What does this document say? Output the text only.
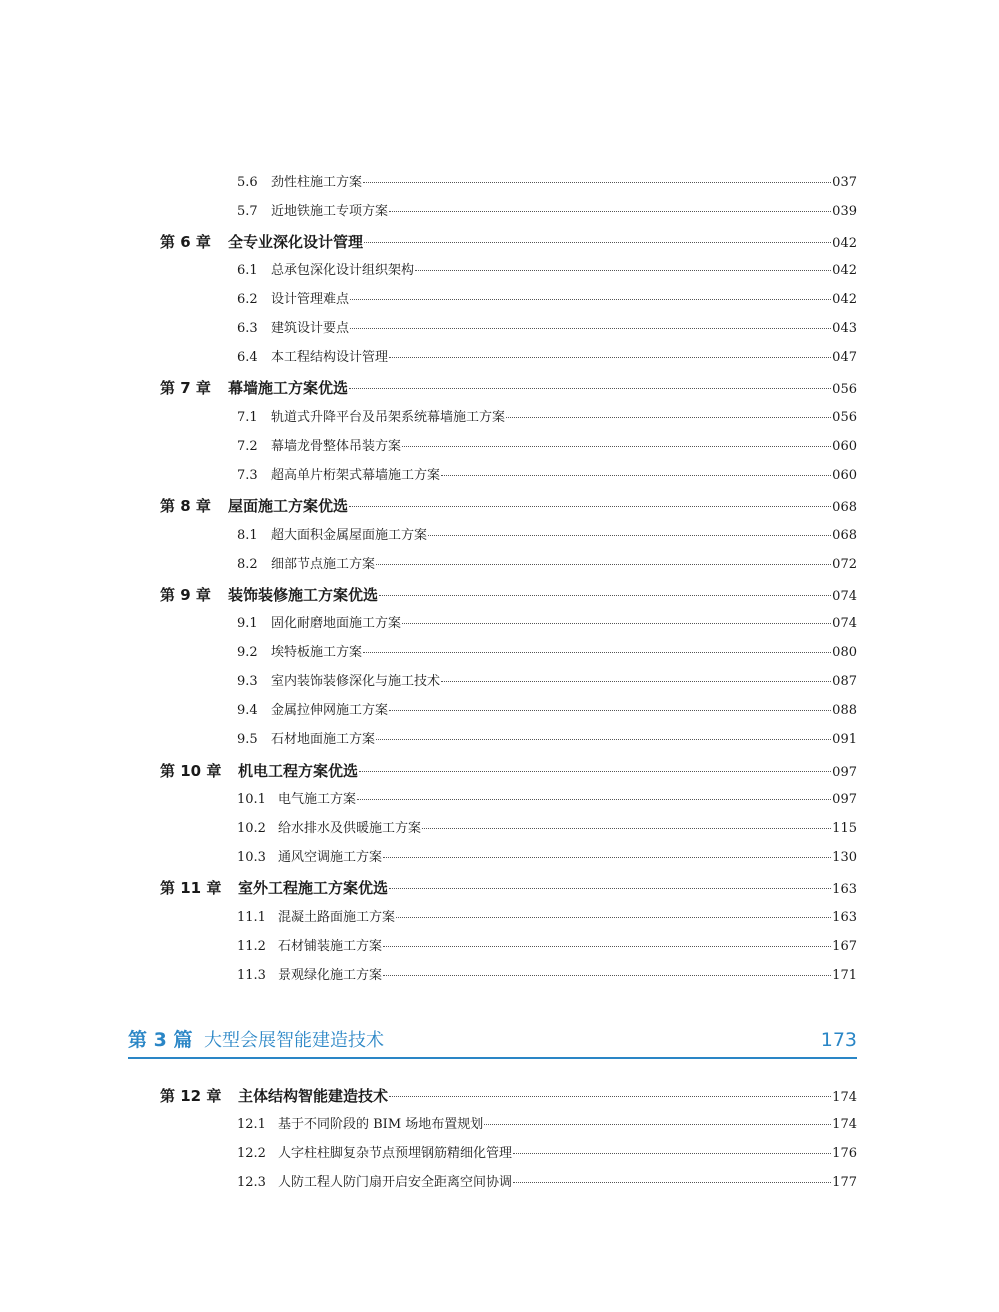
5.6	劲性柱施工方案	037
5.7	近地铁施工专项方案	039
第 6 章	全专业深化设计管理	042
6.1	总承包深化设计组织架构	042
6.2	设计管理难点	042
6.3	建筑设计要点	043
6.4	本工程结构设计管理	047
第 7 章	幕墙施工方案优选	056
7.1	轨道式升降平台及吊架系统幕墙施工方案	056
7.2	幕墙龙骨整体吊装方案	060
7.3	超高单片桁架式幕墙施工方案	060
第 8 章	屋面施工方案优选	068
8.1	超大面积金属屋面施工方案	068
8.2	细部节点施工方案	072
第 9 章	装饰装修施工方案优选	074
9.1	固化耐磨地面施工方案	074
9.2	埃特板施工方案	080
9.3	室内装饰装修深化与施工技术	087
9.4	金属拉伸网施工方案	088
9.5	石材地面施工方案	091
第 10 章	机电工程方案优选	097
10.1 电气施工方案	097
10.2 给水排水及供暖施工方案	115
10.3 通风空调施工方案	130
第 11 章	室外工程施工方案优选	163
11.1 混凝土路面施工方案	163
11.2 石材铺装施工方案	167
11.3 景观绿化施工方案	171
第 3 篇 大型会展智能建造技术	173
第 12 章	主体结构智能建造技术	174
12.1 基于不同阶段的 BIM 场地布置规划	174
12.2 人字柱柱脚复杂节点预埋钢筋精细化管理	176
12.3 人防工程人防门扇开启安全距离空间协调	177
